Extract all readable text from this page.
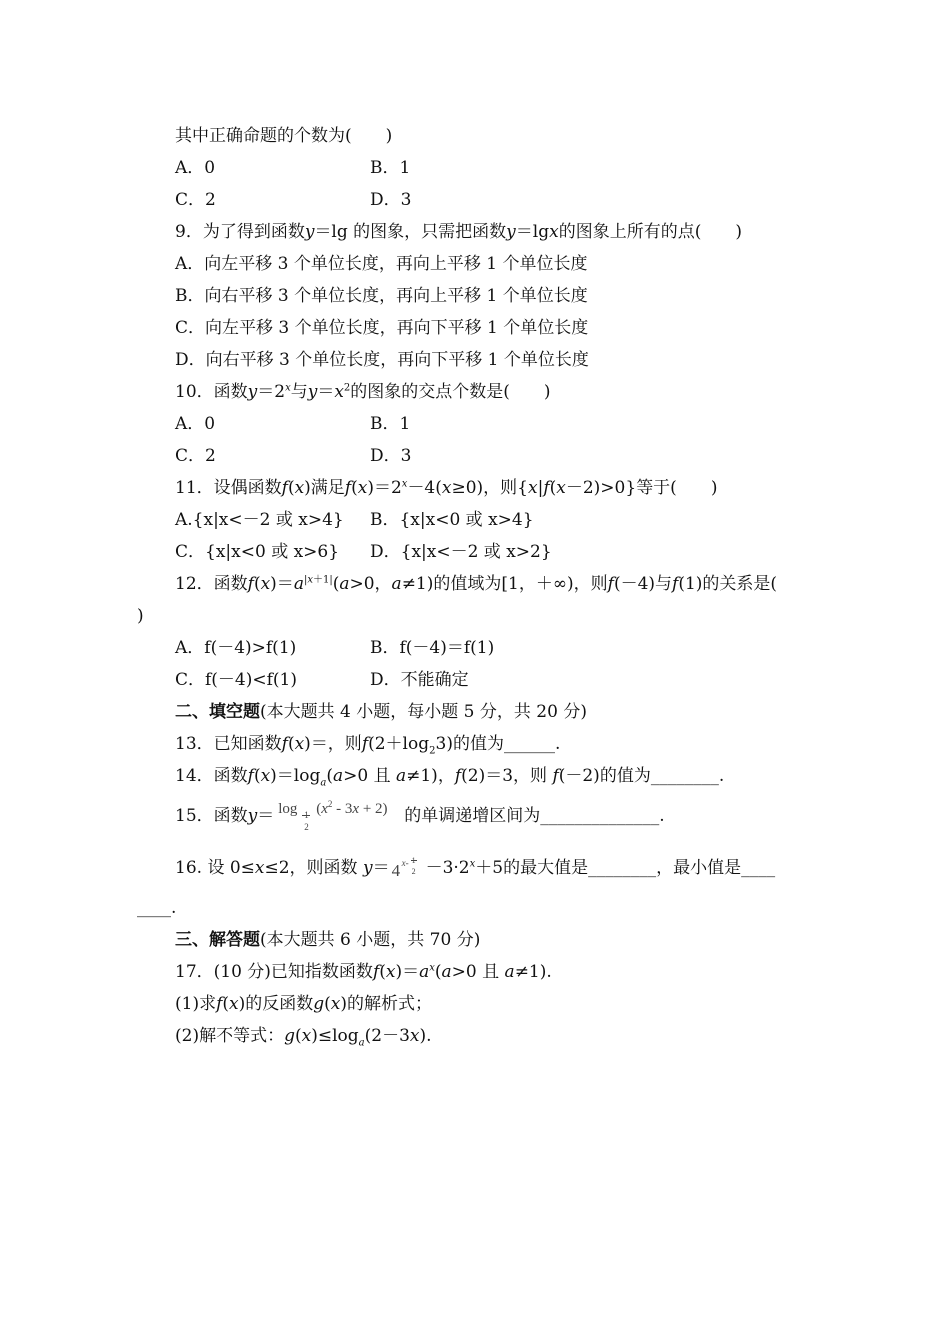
其中正确命题的个数为(　　)
A．0	B．1
C．2	D．3
9．为了得到函数y＝lg 的图象，只需把函数y＝lgx的图象上所有的点(　　)
A．向左平移 3 个单位长度，再向上平移 1 个单位长度
B．向右平移 3 个单位长度，再向上平移 1 个单位长度
C．向左平移 3 个单位长度，再向下平移 1 个单位长度
D．向右平移 3 个单位长度，再向下平移 1 个单位长度
10．函数$y=2^x$与$y=x^2$的图象的交点个数是(　　)
A．0	B．1
C．2	D．3
11．设偶函数f(x)满足$f(x)=2^x-4(x\ge 0)$，则{x|f(x－2)>0}等于(　　)
A.{x|x<－2 或 x>4} B．{x|x<0 或 x>4}
C．{x|x<0 或 x>6} D．{x|x<－2 或 x>2}
12．函数$f(x)=a^{|x+1|}(a>0$，a≠1)的值域为[1，＋∞)，则f(－4)与f(1)的关系是(
)
A．f(－4)>f(1)	B．f(－4)＝f(1)
C．f(－4)<f(1)	D．不能确定
二、填空题(本大题共 4 小题，每小题 5 分，共 20 分)
13．已知函数f(x)＝，则$f(2+\log_23)$的值为______.
14．函数$f(x)=\log_a(a>0$ 且 a≠1)，f(2)＝3，则 f(－2)的值为________.
15．函数y＝ log 1
2
$(x^2 - 3x + 2)$ 的单调递增区间为______________.
16. 设 0≤x≤2，则函数 y＝ 4 x- 1
$2 -3\cdot 2^x+5$的最大值是________，最小值是____
____.
三、解答题(本大题共 6 小题，共 70 分)
17．(10 分)已知指数函数$f(x)=a^x(a>0$ 且 a≠1).
(1)求f(x)的反函数g(x)的解析式；
(2)解不等式：$g(x)\le\log_a(2-3x)$.
